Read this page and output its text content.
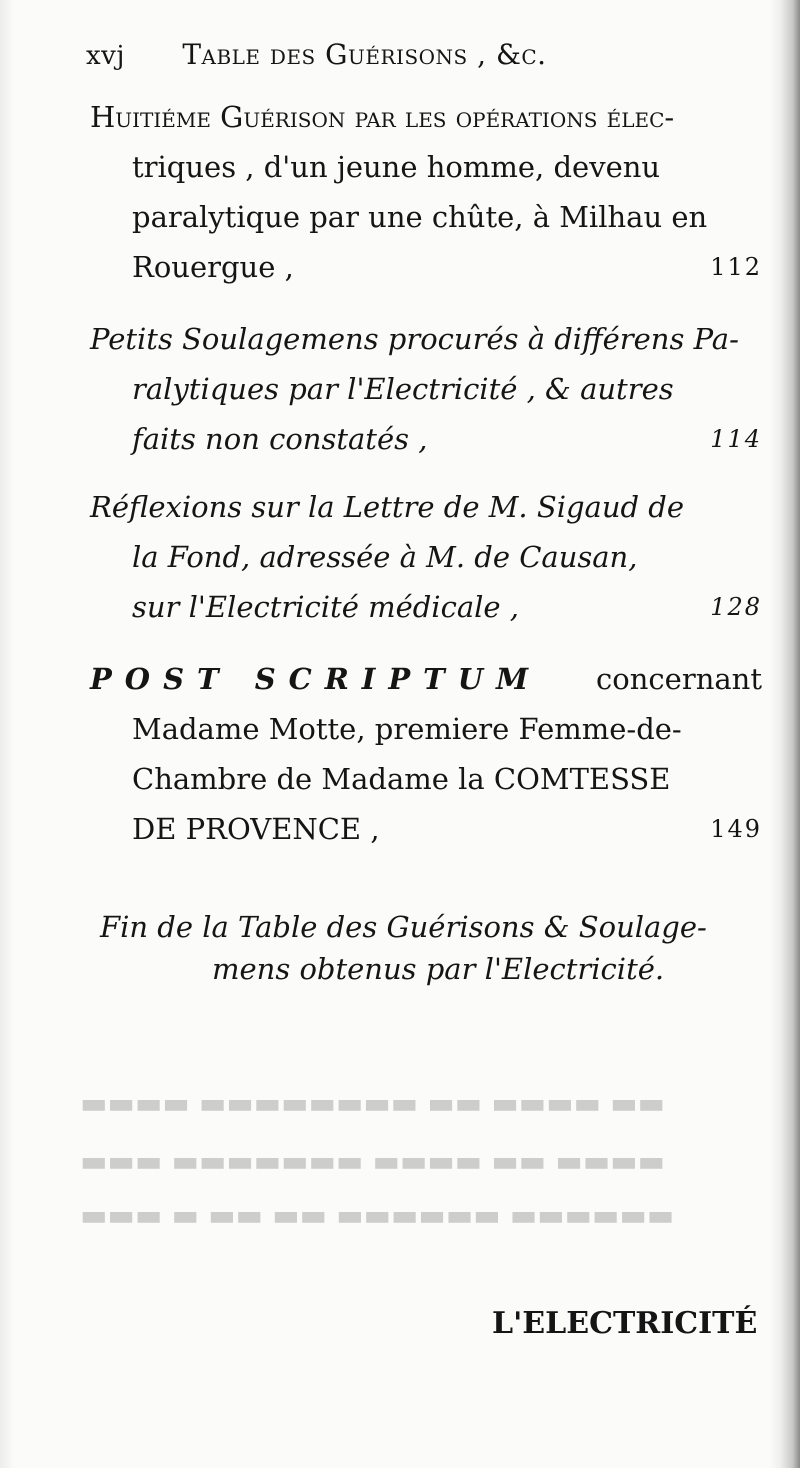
▬▬ ▬▬▬▬ ▬▬ ▬▬▬▬▬▬▬▬ ▬▬▬▬
▬▬▬▬ ▬▬ ▬▬▬▬ ▬▬▬▬▬▬▬ ▬▬▬
▬▬▬▬▬▬ ▬▬▬▬▬▬ ▬▬ ▬▬ ▬ ▬▬▬
xvj Table des Guérisons , &c.
Huitiéme Guérison par les opérations élec-
triques , d'un jeune homme, devenu
paralytique par une chûte, à Milhau en
Rouergue ,	112
Petits Soulagemens procurés à différens Pa-
ralytiques par l'Electricité , & autres
faits non constatés ,	114
Réflexions sur la Lettre de M. Sigaud de
la Fond, adressée à M. de Causan,
sur l'Electricité médicale ,	128
POST SCRIPTUM concernant
Madame Motte, premiere Femme-de-
Chambre de Madame la COMTESSE
DE PROVENCE ,	149
Fin de la Table des Guérisons & Soulage-
mens obtenus par l'Electricité.
L'ELECTRICITÉ
